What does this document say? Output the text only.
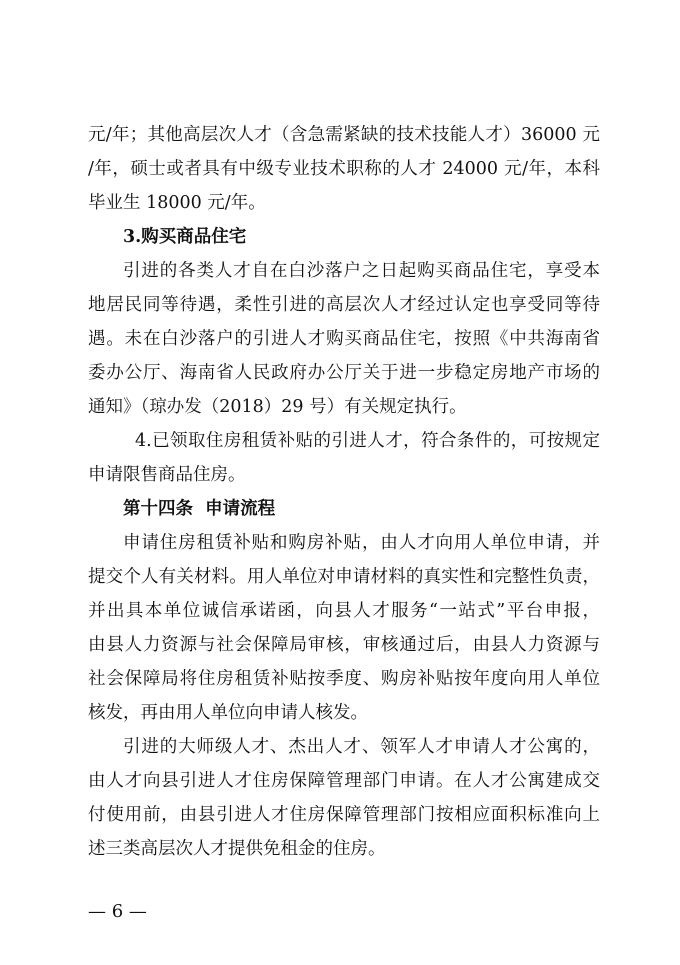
元/年；其他高层次人才（含急需紧缺的技术技能人才）36000 元
/年，硕士或者具有中级专业技术职称的人才 24000 元/年，本科
毕业生 18000 元/年。
3.购买商品住宅
引进的各类人才自在白沙落户之日起购买商品住宅，享受本
地居民同等待遇，柔性引进的高层次人才经过认定也享受同等待
遇。未在白沙落户的引进人才购买商品住宅，按照《中共海南省
委办公厅、海南省人民政府办公厅关于进一步稳定房地产市场的
通知》（琼办发（2018）29 号）有关规定执行。
4.已领取住房租赁补贴的引进人才，符合条件的，可按规定
申请限售商品住房。
第十四条  申请流程
申请住房租赁补贴和购房补贴，由人才向用人单位申请，并
提交个人有关材料。用人单位对申请材料的真实性和完整性负责，
并出具本单位诚信承诺函，向县人才服务“一站式”平台申报，
由县人力资源与社会保障局审核，审核通过后，由县人力资源与
社会保障局将住房租赁补贴按季度、购房补贴按年度向用人单位
核发，再由用人单位向申请人核发。
引进的大师级人才、杰出人才、领军人才申请人才公寓的，
由人才向县引进人才住房保障管理部门申请。在人才公寓建成交
付使用前，由县引进人才住房保障管理部门按相应面积标准向上
述三类高层次人才提供免租金的住房。
— 6 —
